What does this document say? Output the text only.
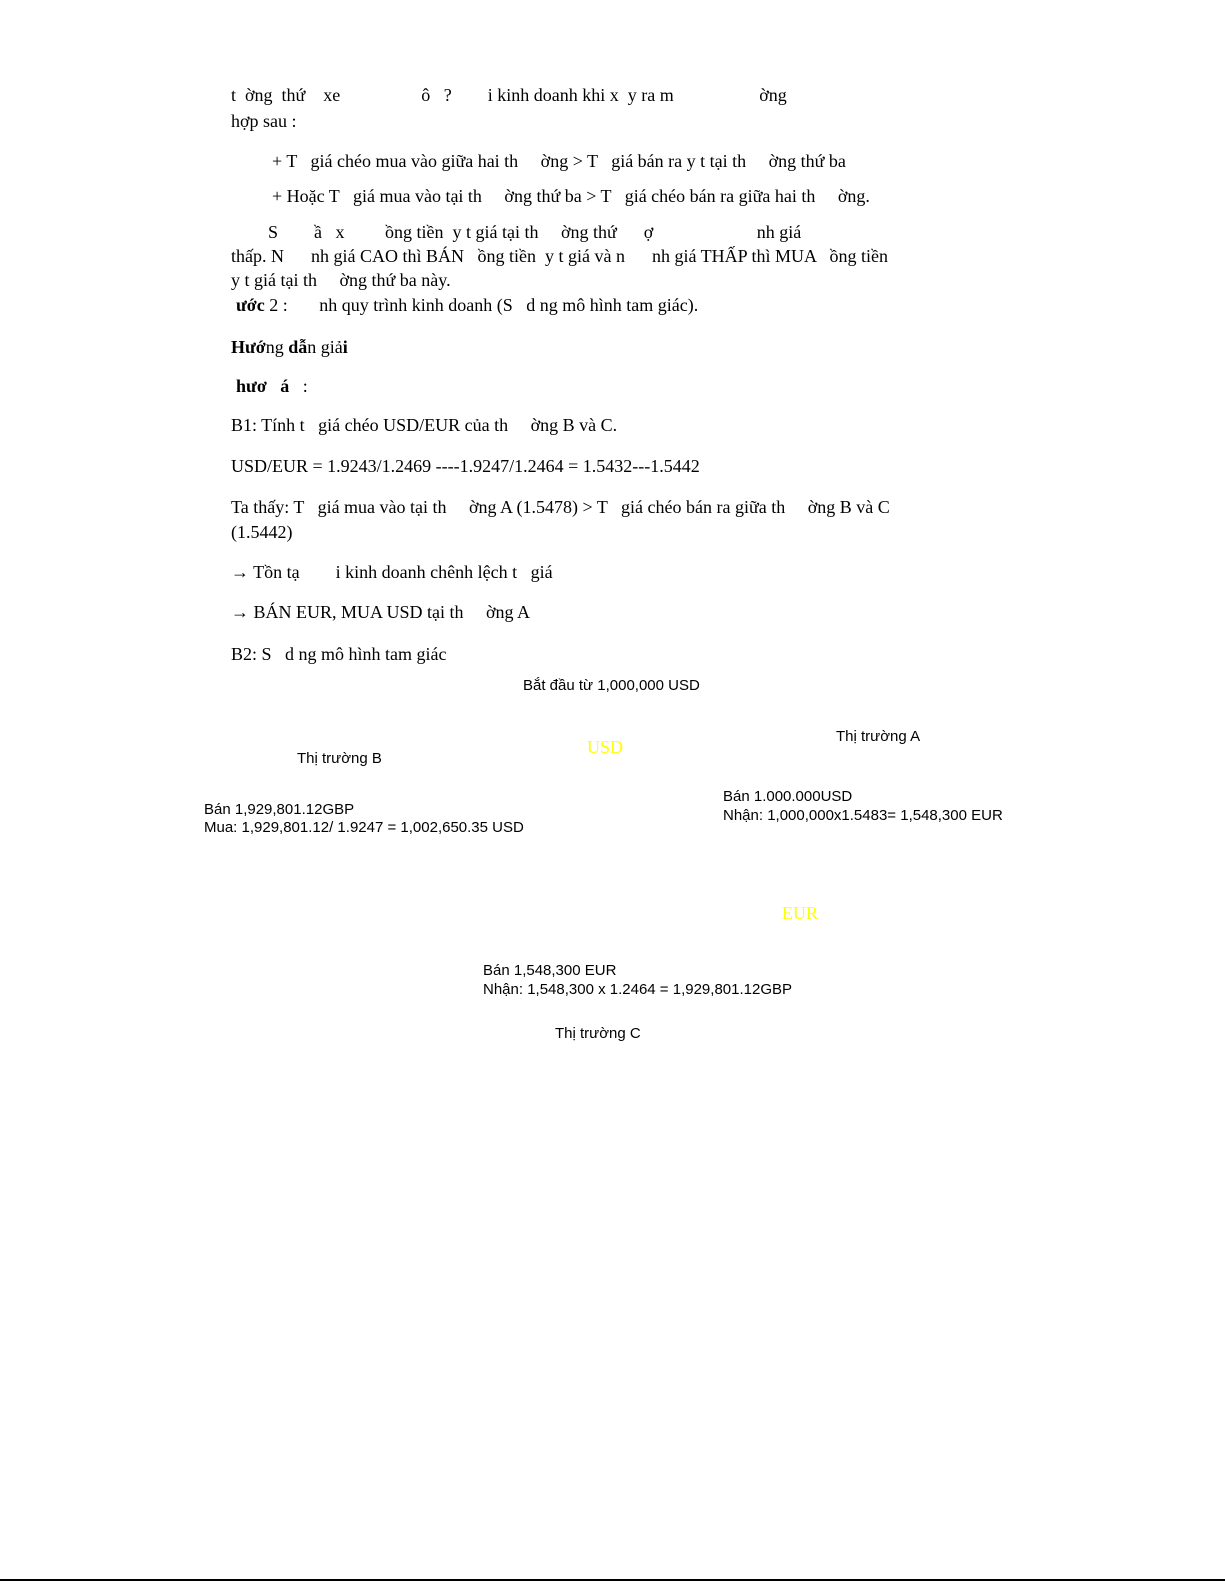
t  ờng  thứ    xe                  ô   ?        i kinh doanh khi x  y ra m                   ờng
hợp sau :
+ T   giá chéo mua vào giữa hai th     ờng > T   giá bán ra y t tại th     ờng thứ ba
+ Hoặc T   giá mua vào tại th     ờng thứ ba > T   giá chéo bán ra giữa hai th     ờng.
S        ầ   x         ồng tiền  y t giá tại th     ờng thứ      ợ                       nh giá
thấp. N      nh giá CAO thì BÁN   ồng tiền  y t giá và n      nh giá THẤP thì MUA   ồng tiền
y t giá tại th     ờng thứ ba này.
ước 2 :       nh quy trình kinh doanh (S   d ng mô hình tam giác).
Hướng dẫn giải
hươ   á   :
B1: Tính t   giá chéo USD/EUR của th     ờng B và C.
USD/EUR = 1.9243/1.2469 ----1.9247/1.2464 = 1.5432---1.5442
Ta thấy: T   giá mua vào tại th     ờng A (1.5478) > T   giá chéo bán ra giữa th     ờng B và C
(1.5442)
→ Tồn tạ        i kinh doanh chênh lệch t   giá
→ BÁN EUR, MUA USD tại th     ờng A
B2: S   d ng mô hình tam giác
Bắt đầu từ 1,000,000 USD
Thị trường A
Thị trường B
USD
Bán 1,929,801.12GBP
Mua: 1,929,801.12/ 1.9247 = 1,002,650.35 USD
Bán 1.000.000USD
Nhận: 1,000,000x1.5483= 1,548,300 EUR
EUR
Bán 1,548,300 EUR
Nhận: 1,548,300 x 1.2464 = 1,929,801.12GBP
Thị trường C
